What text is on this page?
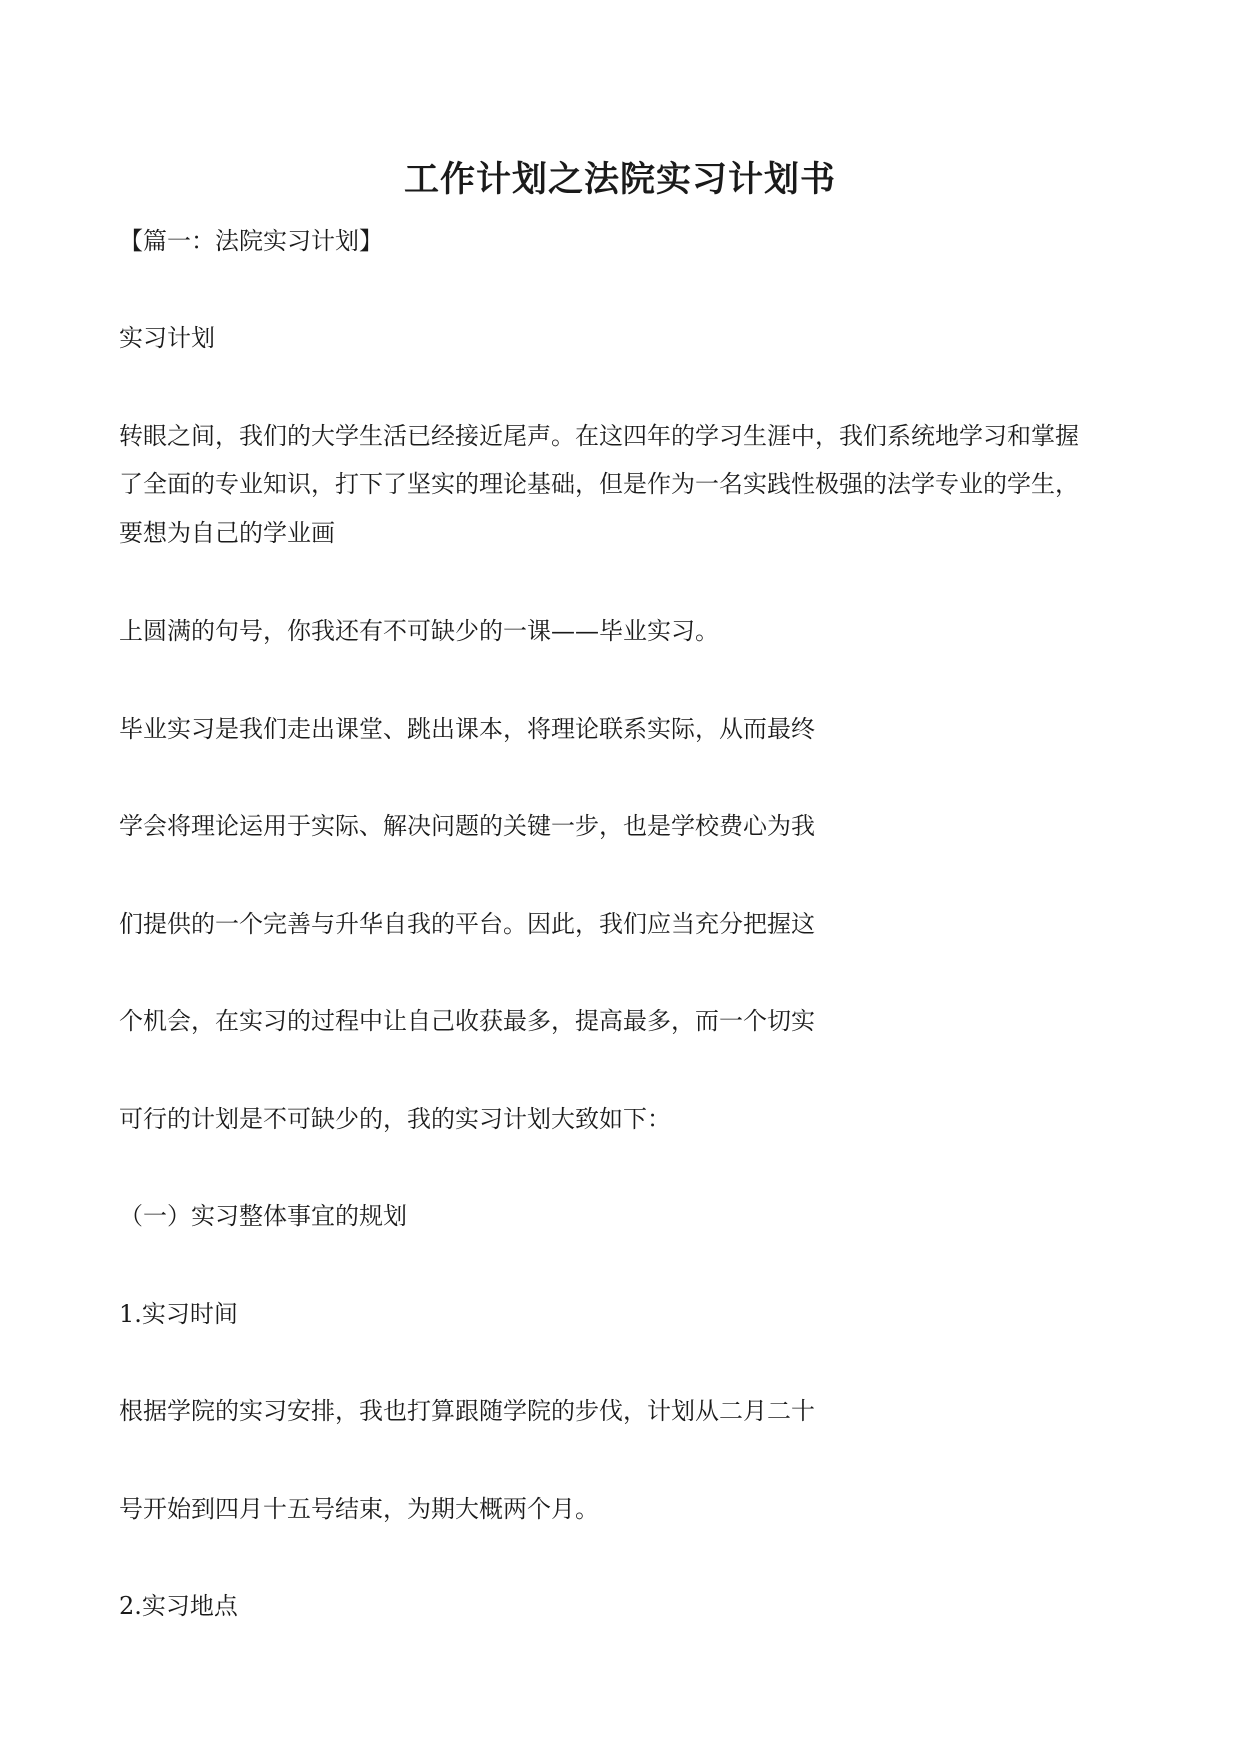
工作计划之法院实习计划书

【篇一：法院实习计划】

实习计划

转眼之间，我们的大学生活已经接近尾声。在这四年的学习生涯中，我们系统地学习和掌握

了全面的专业知识，打下了坚实的理论基础，但是作为一名实践性极强的法学专业的学生，

要想为自己的学业画

上圆满的句号，你我还有不可缺少的一课——毕业实习。

毕业实习是我们走出课堂、跳出课本，将理论联系实际，从而最终

学会将理论运用于实际、解决问题的关键一步，也是学校费心为我

们提供的一个完善与升华自我的平台。因此，我们应当充分把握这

个机会，在实习的过程中让自己收获最多，提高最多，而一个切实

可行的计划是不可缺少的，我的实习计划大致如下：

（一）实习整体事宜的规划

1.实习时间

根据学院的实习安排，我也打算跟随学院的步伐，计划从二月二十

号开始到四月十五号结束，为期大概两个月。

2.实习地点
